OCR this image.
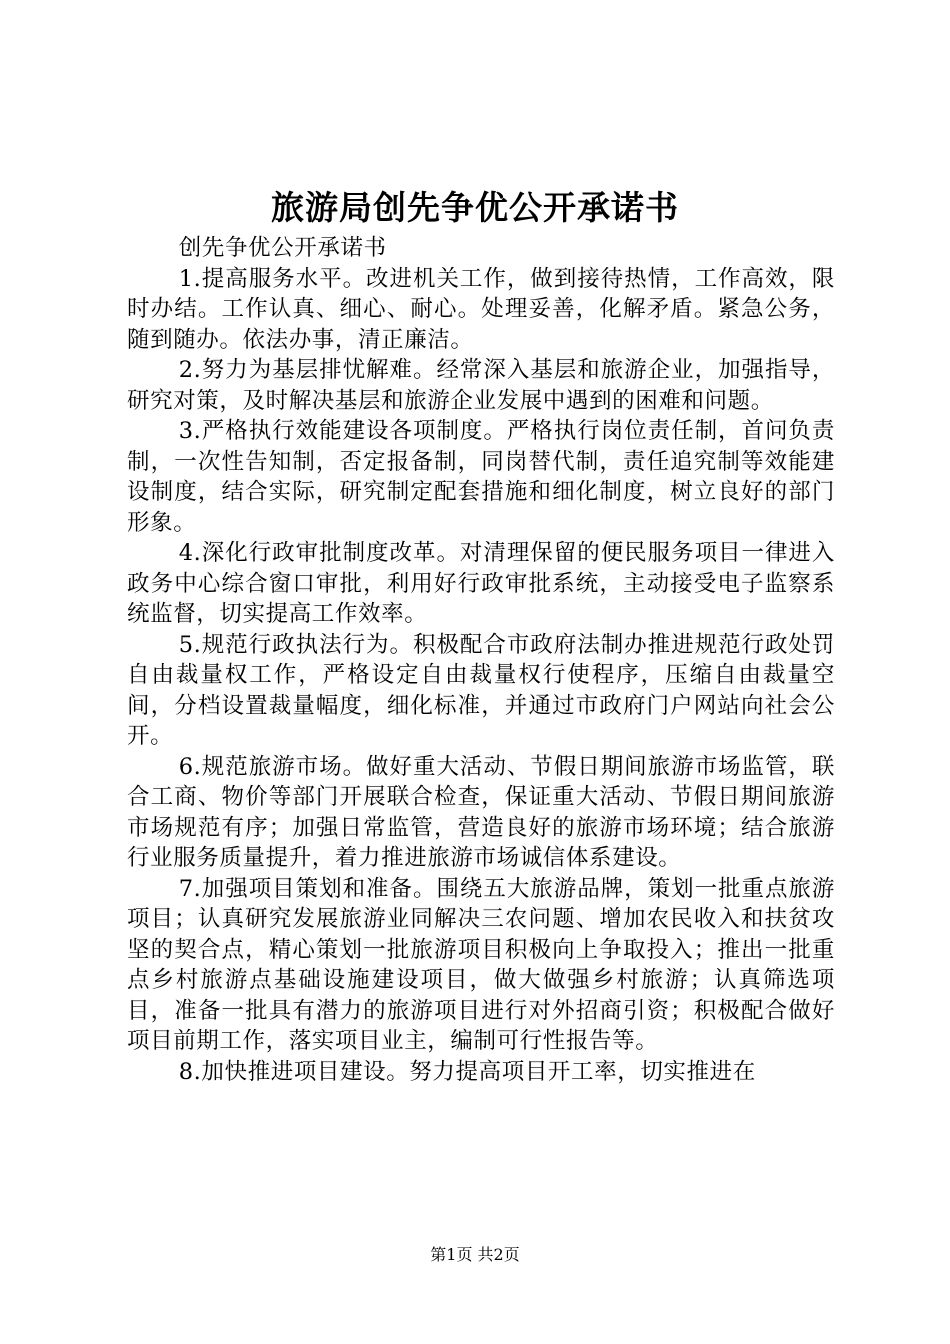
旅游局创先争优公开承诺书

创先争优公开承诺书

1.提高服务水平。改进机关工作，做到接待热情，工作高效，限时办结。工作认真、细心、耐心。处理妥善，化解矛盾。紧急公务，随到随办。依法办事，清正廉洁。

2.努力为基层排忧解难。经常深入基层和旅游企业，加强指导，研究对策，及时解决基层和旅游企业发展中遇到的困难和问题。

3.严格执行效能建设各项制度。严格执行岗位责任制，首问负责制，一次性告知制，否定报备制，同岗替代制，责任追究制等效能建设制度，结合实际，研究制定配套措施和细化制度，树立良好的部门形象。

4.深化行政审批制度改革。对清理保留的便民服务项目一律进入政务中心综合窗口审批，利用好行政审批系统，主动接受电子监察系统监督，切实提高工作效率。

5.规范行政执法行为。积极配合市政府法制办推进规范行政处罚自由裁量权工作，严格设定自由裁量权行使程序，压缩自由裁量空间，分档设置裁量幅度，细化标准，并通过市政府门户网站向社会公开。

6.规范旅游市场。做好重大活动、节假日期间旅游市场监管，联合工商、物价等部门开展联合检查，保证重大活动、节假日期间旅游市场规范有序；加强日常监管，营造良好的旅游市场环境；结合旅游行业服务质量提升，着力推进旅游市场诚信体系建设。

7.加强项目策划和准备。围绕五大旅游品牌，策划一批重点旅游项目；认真研究发展旅游业同解决三农问题、增加农民收入和扶贫攻坚的契合点，精心策划一批旅游项目积极向上争取投入；推出一批重点乡村旅游点基础设施建设项目，做大做强乡村旅游；认真筛选项目，准备一批具有潜力的旅游项目进行对外招商引资；积极配合做好项目前期工作，落实项目业主，编制可行性报告等。

8.加快推进项目建设。努力提高项目开工率，切实推进在

第1页 共2页
